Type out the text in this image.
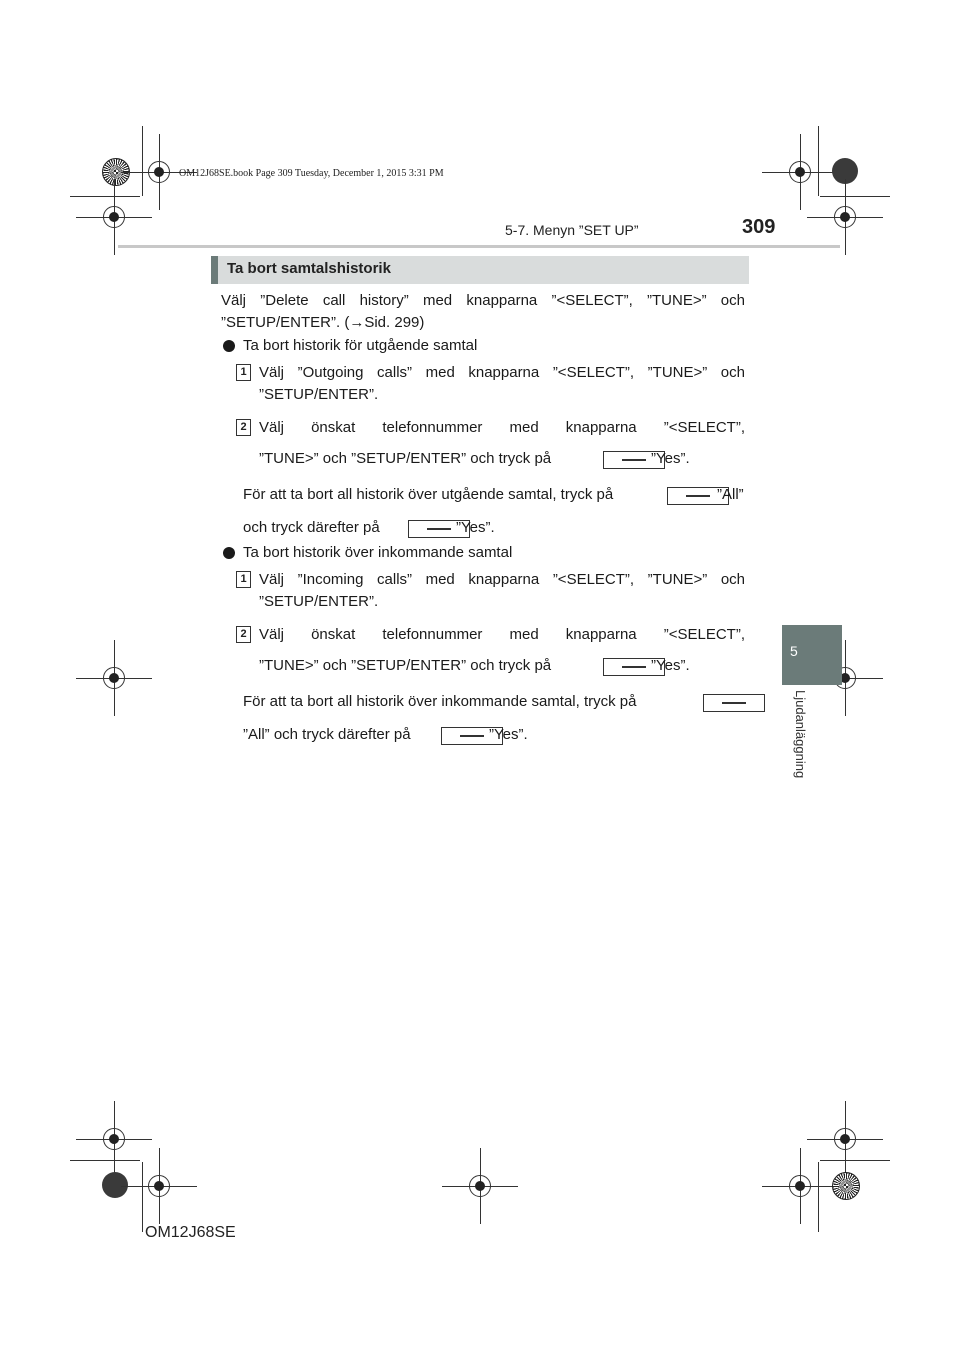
OM12J68SE.book Page 309 Tuesday, December 1, 2015 3:31 PM
5-7. Menyn ”SET UP”	309
5
Ljudanläggning
Ta bort samtalshistorik
Välj ”Delete call history” med knapparna ”<SELECT”, ”TUNE>” och
”SETUP/ENTER”. (→Sid. 299)
Ta bort historik för utgående samtal
1 Välj ”Outgoing calls” med knapparna ”<SELECT”, ”TUNE>” och
”SETUP/ENTER”.
2 Välj önskat telefonnummer med knapparna ”<SELECT”,
”TUNE>” och ”SETUP/ENTER” och tryck på	”Yes”.
För att ta bort all historik över utgående samtal, tryck på	”All”
och tryck därefter på	”Yes”.
Ta bort historik över inkommande samtal
1 Välj ”Incoming calls” med knapparna ”<SELECT”, ”TUNE>” och
”SETUP/ENTER”.
2 Välj önskat telefonnummer med knapparna ”<SELECT”,
”TUNE>” och ”SETUP/ENTER” och tryck på	”Yes”.
För att ta bort all historik över inkommande samtal, tryck på
”All” och tryck därefter på	”Yes”.
OM12J68SE
